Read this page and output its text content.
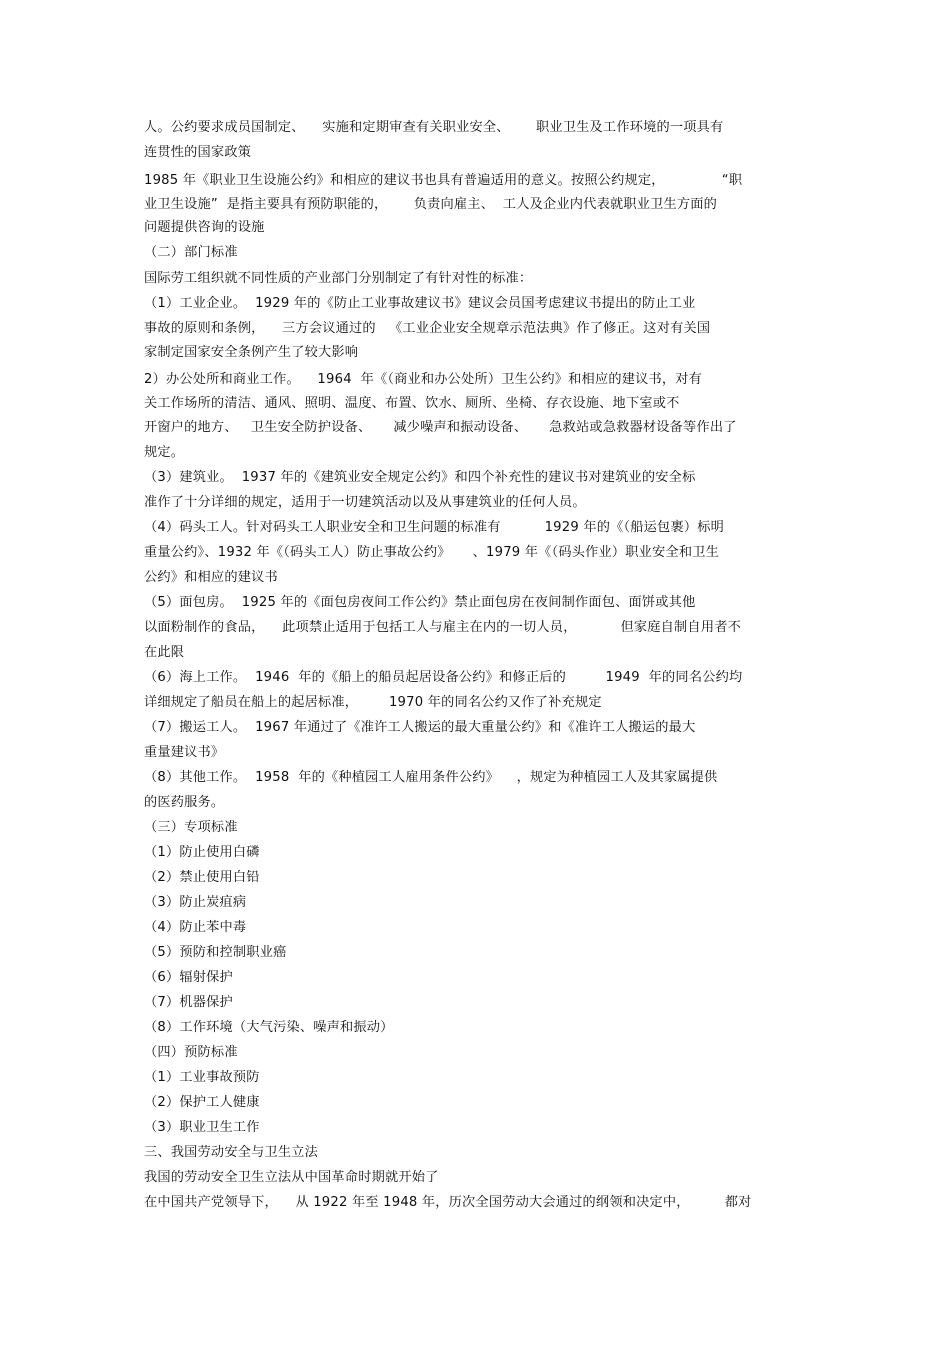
人。公约要求成员国制定、    实施和定期审查有关职业安全、      职业卫生及工作环境的一项具有

连贯性的国家政策

1985 年《职业卫生设施公约》和相应的建议书也具有普遍适用的意义。按照公约规定，             “职

业卫生设施”  是指主要具有预防职能的，      负责向雇主、  工人及企业内代表就职业卫生方面的

问题提供咨询的设施

（二）部门标准

国际劳工组织就不同性质的产业部门分别制定了有针对性的标准：

（1）工业企业。  1929 年的《防止工业事故建议书》建议会员国考虑建议书提出的防止工业

事故的原则和条例，    三方会议通过的   《工业企业安全规章示范法典》作了修正。这对有关国

家制定国家安全条例产生了较大影响

2）办公处所和商业工作。    1964  年《（商业和办公处所）卫生公约》和相应的建议书，对有

关工作场所的清洁、通风、照明、温度、布置、饮水、厕所、坐椅、存衣设施、地下室或不

开窗户的地方、   卫生安全防护设备、     减少噪声和振动设备、     急救站或急救器材设备等作出了

规定。

（3）建筑业。  1937 年的《建筑业安全规定公约》和四个补充性的建议书对建筑业的安全标

准作了十分详细的规定，适用于一切建筑活动以及从事建筑业的任何人员。

（4）码头工人。针对码头工人职业安全和卫生问题的标准有          1929 年的《（船运包裹）标明

重量公约》、1932 年《（码头工人）防止事故公约》     、1979 年《（码头作业）职业安全和卫生

公约》和相应的建议书

（5）面包房。  1925 年的《面包房夜间工作公约》禁止面包房在夜间制作面包、面饼或其他

以面粉制作的食品，    此项禁止适用于包括工人与雇主在内的一切人员，          但家庭自制自用者不

在此限

（6）海上工作。  1946  年的《船上的船员起居设备公约》和修正后的         1949  年的同名公约均

详细规定了船员在船上的起居标准，       1970 年的同名公约又作了补充规定

（7）搬运工人。  1967 年通过了《准许工人搬运的最大重量公约》和《准许工人搬运的最大

重量建议书》

（8）其他工作。  1958  年的《种植园工人雇用条件公约》    ，规定为种植园工人及其家属提供

的医药服务。

（三）专项标准

（1）防止使用白磷

（2）禁止使用白铅

（3）防止炭疽病

（4）防止苯中毒

（5）预防和控制职业癌

（6）辐射保护

（7）机器保护

（8）工作环境（大气污染、噪声和振动）

（四）预防标准

（1）工业事故预防

（2）保护工人健康

（3）职业卫生工作

三、我国劳动安全与卫生立法

我国的劳动安全卫生立法从中国革命时期就开始了

在中国共产党领导下，    从 1922 年至 1948 年，历次全国劳动大会通过的纲领和决定中，        都对
